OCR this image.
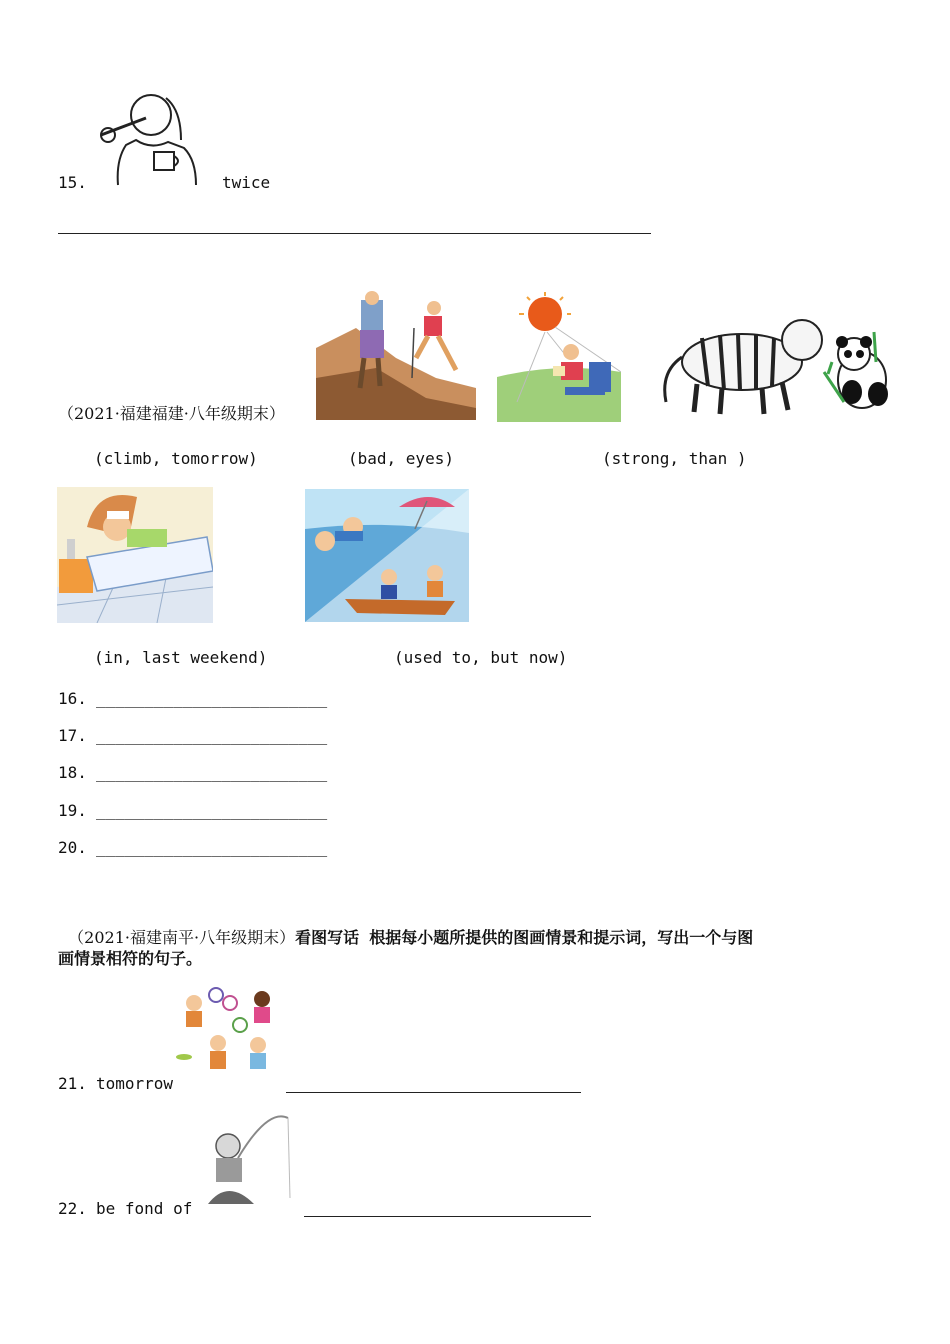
15.	twice
（2021·福建福建·八年级期末）
(climb, tomorrow)	(bad, eyes)	(strong, than )
(in, last weekend)	(used to, but now)
16. ________________________
17. ________________________
18. ________________________
19. ________________________
20. ________________________

（2021·福建南平·八年级期末）看图写话 根据每小题所提供的图画情景和提示词，写出一个与图

画情景相符的句子。
21. tomorrow
22. be fond of
